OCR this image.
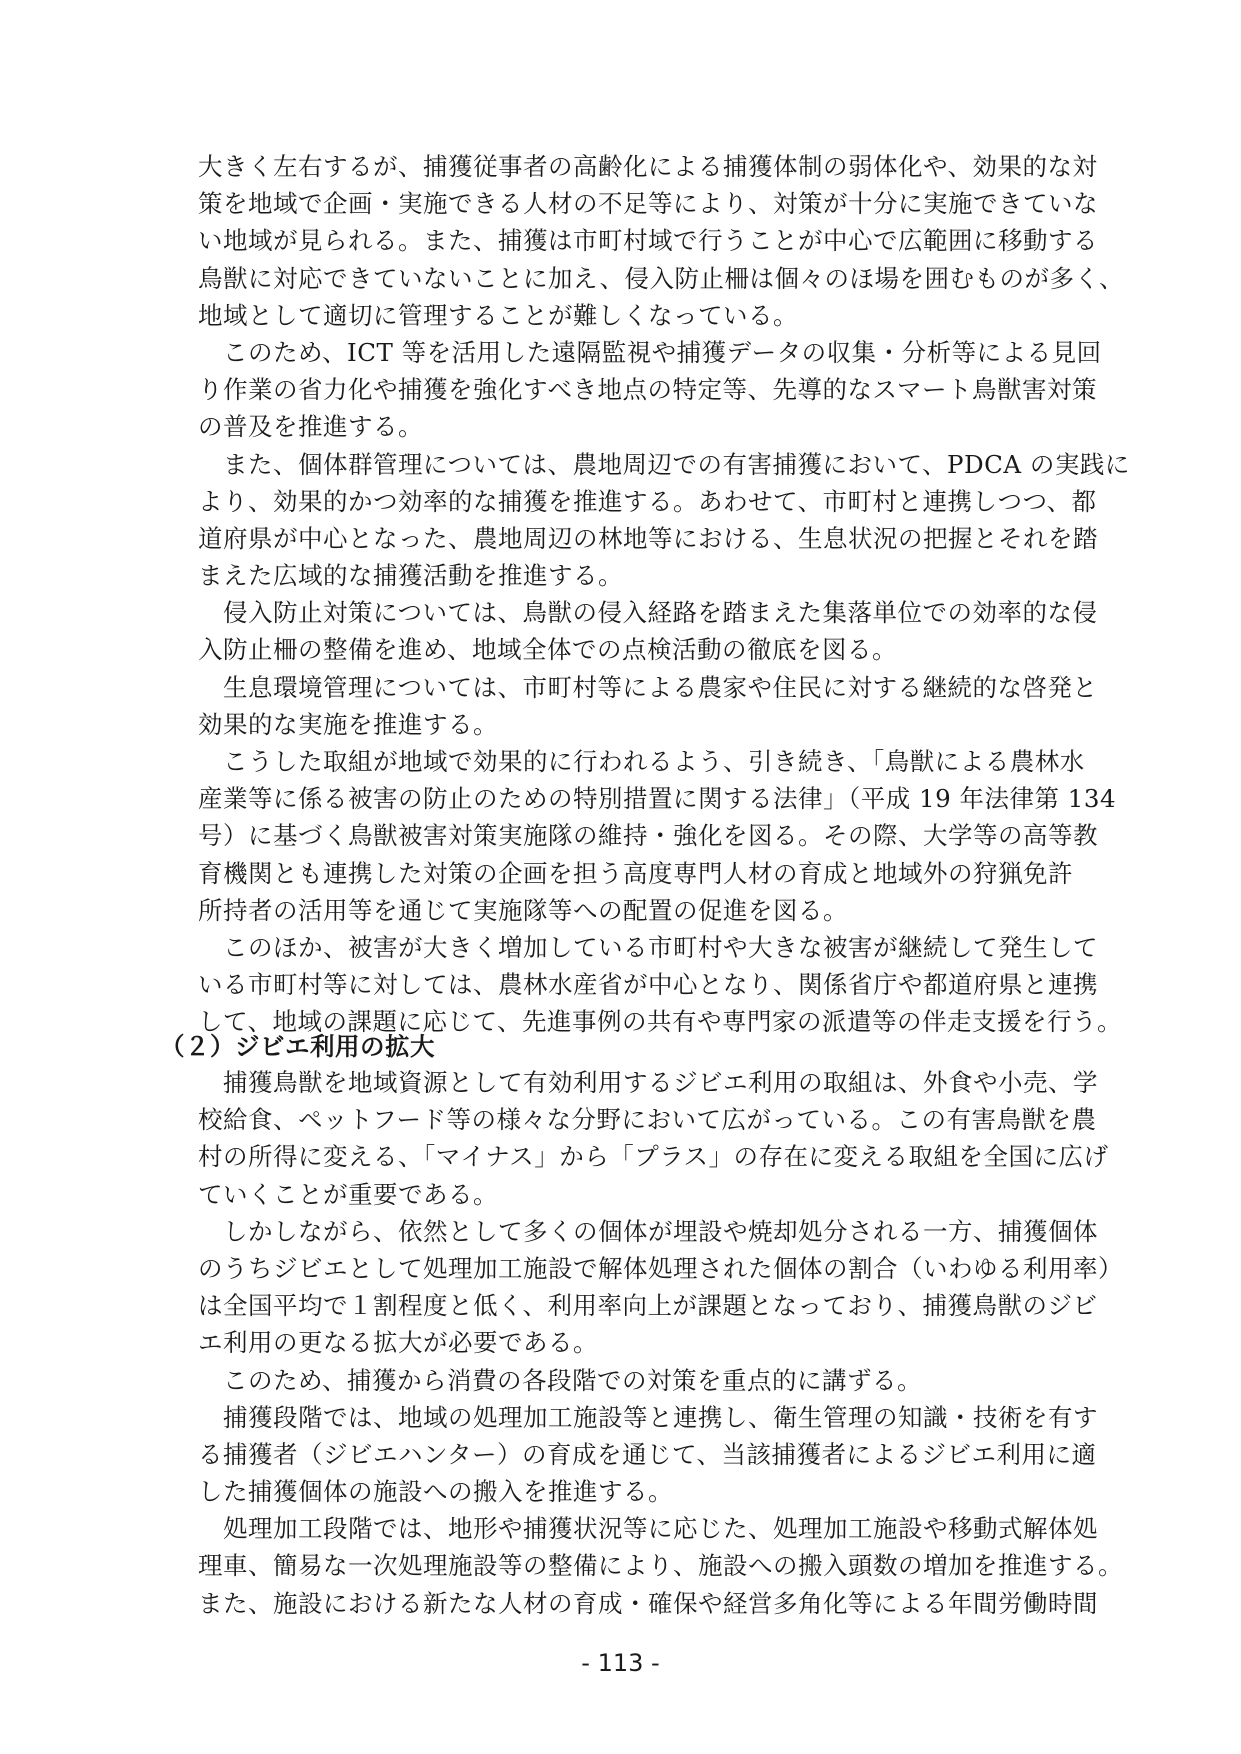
大きく左右するが、捕獲従事者の高齢化による捕獲体制の弱体化や、効果的な対
策を地域で企画・実施できる人材の不足等により、対策が十分に実施できていな
い地域が見られる。また、捕獲は市町村域で行うことが中心で広範囲に移動する
鳥獣に対応できていないことに加え、侵入防止柵は個々のほ場を囲むものが多く、
地域として適切に管理することが難しくなっている。
　このため、ICT 等を活用した遠隔監視や捕獲データの収集・分析等による見回
り作業の省力化や捕獲を強化すべき地点の特定等、先導的なスマート鳥獣害対策
の普及を推進する。
　また、個体群管理については、農地周辺での有害捕獲において、PDCA の実践に
より、効果的かつ効率的な捕獲を推進する。あわせて、市町村と連携しつつ、都
道府県が中心となった、農地周辺の林地等における、生息状況の把握とそれを踏
まえた広域的な捕獲活動を推進する。
　侵入防止対策については、鳥獣の侵入経路を踏まえた集落単位での効率的な侵
入防止柵の整備を進め、地域全体での点検活動の徹底を図る。
　生息環境管理については、市町村等による農家や住民に対する継続的な啓発と
効果的な実施を推進する。
　こうした取組が地域で効果的に行われるよう、引き続き、「鳥獣による農林水
産業等に係る被害の防止のための特別措置に関する法律」（平成 19 年法律第 134
号）に基づく鳥獣被害対策実施隊の維持・強化を図る。その際、大学等の高等教
育機関とも連携した対策の企画を担う高度専門人材の育成と地域外の狩猟免許
所持者の活用等を通じて実施隊等への配置の促進を図る。
　このほか、被害が大きく増加している市町村や大きな被害が継続して発生して
いる市町村等に対しては、農林水産省が中心となり、関係省庁や都道府県と連携
して、地域の課題に応じて、先進事例の共有や専門家の派遣等の伴走支援を行う。
（２）ジビエ利用の拡大
　捕獲鳥獣を地域資源として有効利用するジビエ利用の取組は、外食や小売、学
校給食、ペットフード等の様々な分野において広がっている。この有害鳥獣を農
村の所得に変える、「マイナス」から「プラス」の存在に変える取組を全国に広げ
ていくことが重要である。
　しかしながら、依然として多くの個体が埋設や焼却処分される一方、捕獲個体
のうちジビエとして処理加工施設で解体処理された個体の割合（いわゆる利用率）
は全国平均で１割程度と低く、利用率向上が課題となっており、捕獲鳥獣のジビ
エ利用の更なる拡大が必要である。
　このため、捕獲から消費の各段階での対策を重点的に講ずる。
　捕獲段階では、地域の処理加工施設等と連携し、衛生管理の知識・技術を有す
る捕獲者（ジビエハンター）の育成を通じて、当該捕獲者によるジビエ利用に適
した捕獲個体の施設への搬入を推進する。
　処理加工段階では、地形や捕獲状況等に応じた、処理加工施設や移動式解体処
理車、簡易な一次処理施設等の整備により、施設への搬入頭数の増加を推進する。
また、施設における新たな人材の育成・確保や経営多角化等による年間労働時間
- 113 -
